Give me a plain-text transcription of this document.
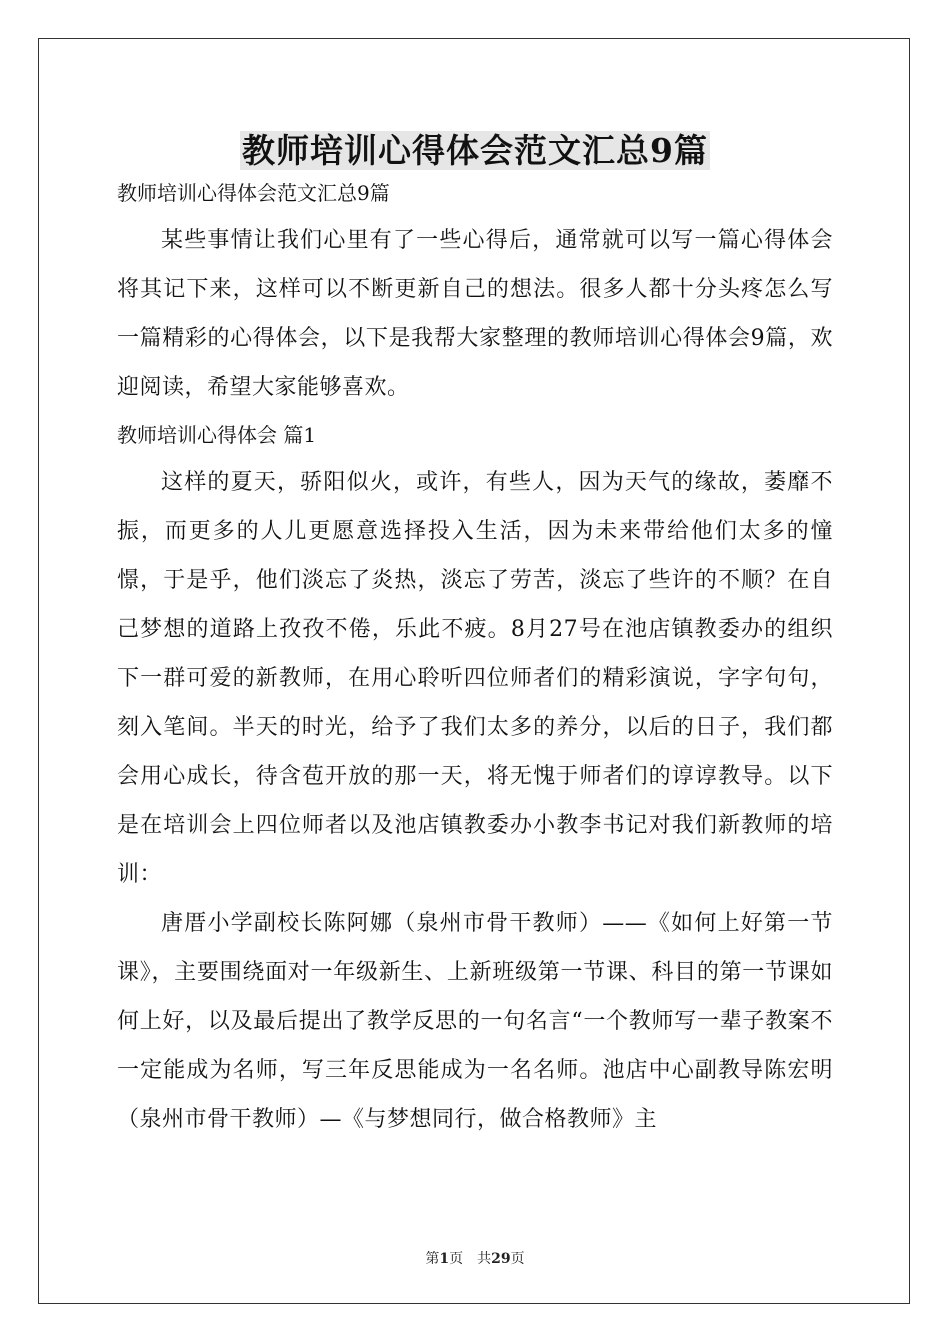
教师培训心得体会范文汇总9篇

教师培训心得体会范文汇总9篇

某些事情让我们心里有了一些心得后，通常就可以写一篇心得体会将其记下来，这样可以不断更新自己的想法。很多人都十分头疼怎么写一篇精彩的心得体会，以下是我帮大家整理的教师培训心得体会9篇，欢迎阅读，希望大家能够喜欢。

教师培训心得体会 篇1

这样的夏天，骄阳似火，或许，有些人，因为天气的缘故，萎靡不振，而更多的人儿更愿意选择投入生活，因为未来带给他们太多的憧憬，于是乎，他们淡忘了炎热，淡忘了劳苦，淡忘了些许的不顺？在自己梦想的道路上孜孜不倦，乐此不疲。8月27号在池店镇教委办的组织下一群可爱的新教师，在用心聆听四位师者们的精彩演说，字字句句，刻入笔间。半天的时光，给予了我们太多的养分，以后的日子，我们都会用心成长，待含苞开放的那一天，将无愧于师者们的谆谆教导。以下是在培训会上四位师者以及池店镇教委办小教李书记对我们新教师的培训：

唐厝小学副校长陈阿娜（泉州市骨干教师）——《如何上好第一节课》，主要围绕面对一年级新生、上新班级第一节课、科目的第一节课如何上好，以及最后提出了教学反思的一句名言“一个教师写一辈子教案不一定能成为名师，写三年反思能成为一名名师。池店中心副教导陈宏明（泉州市骨干教师）—《与梦想同行，做合格教师》主

第1页　共29页
